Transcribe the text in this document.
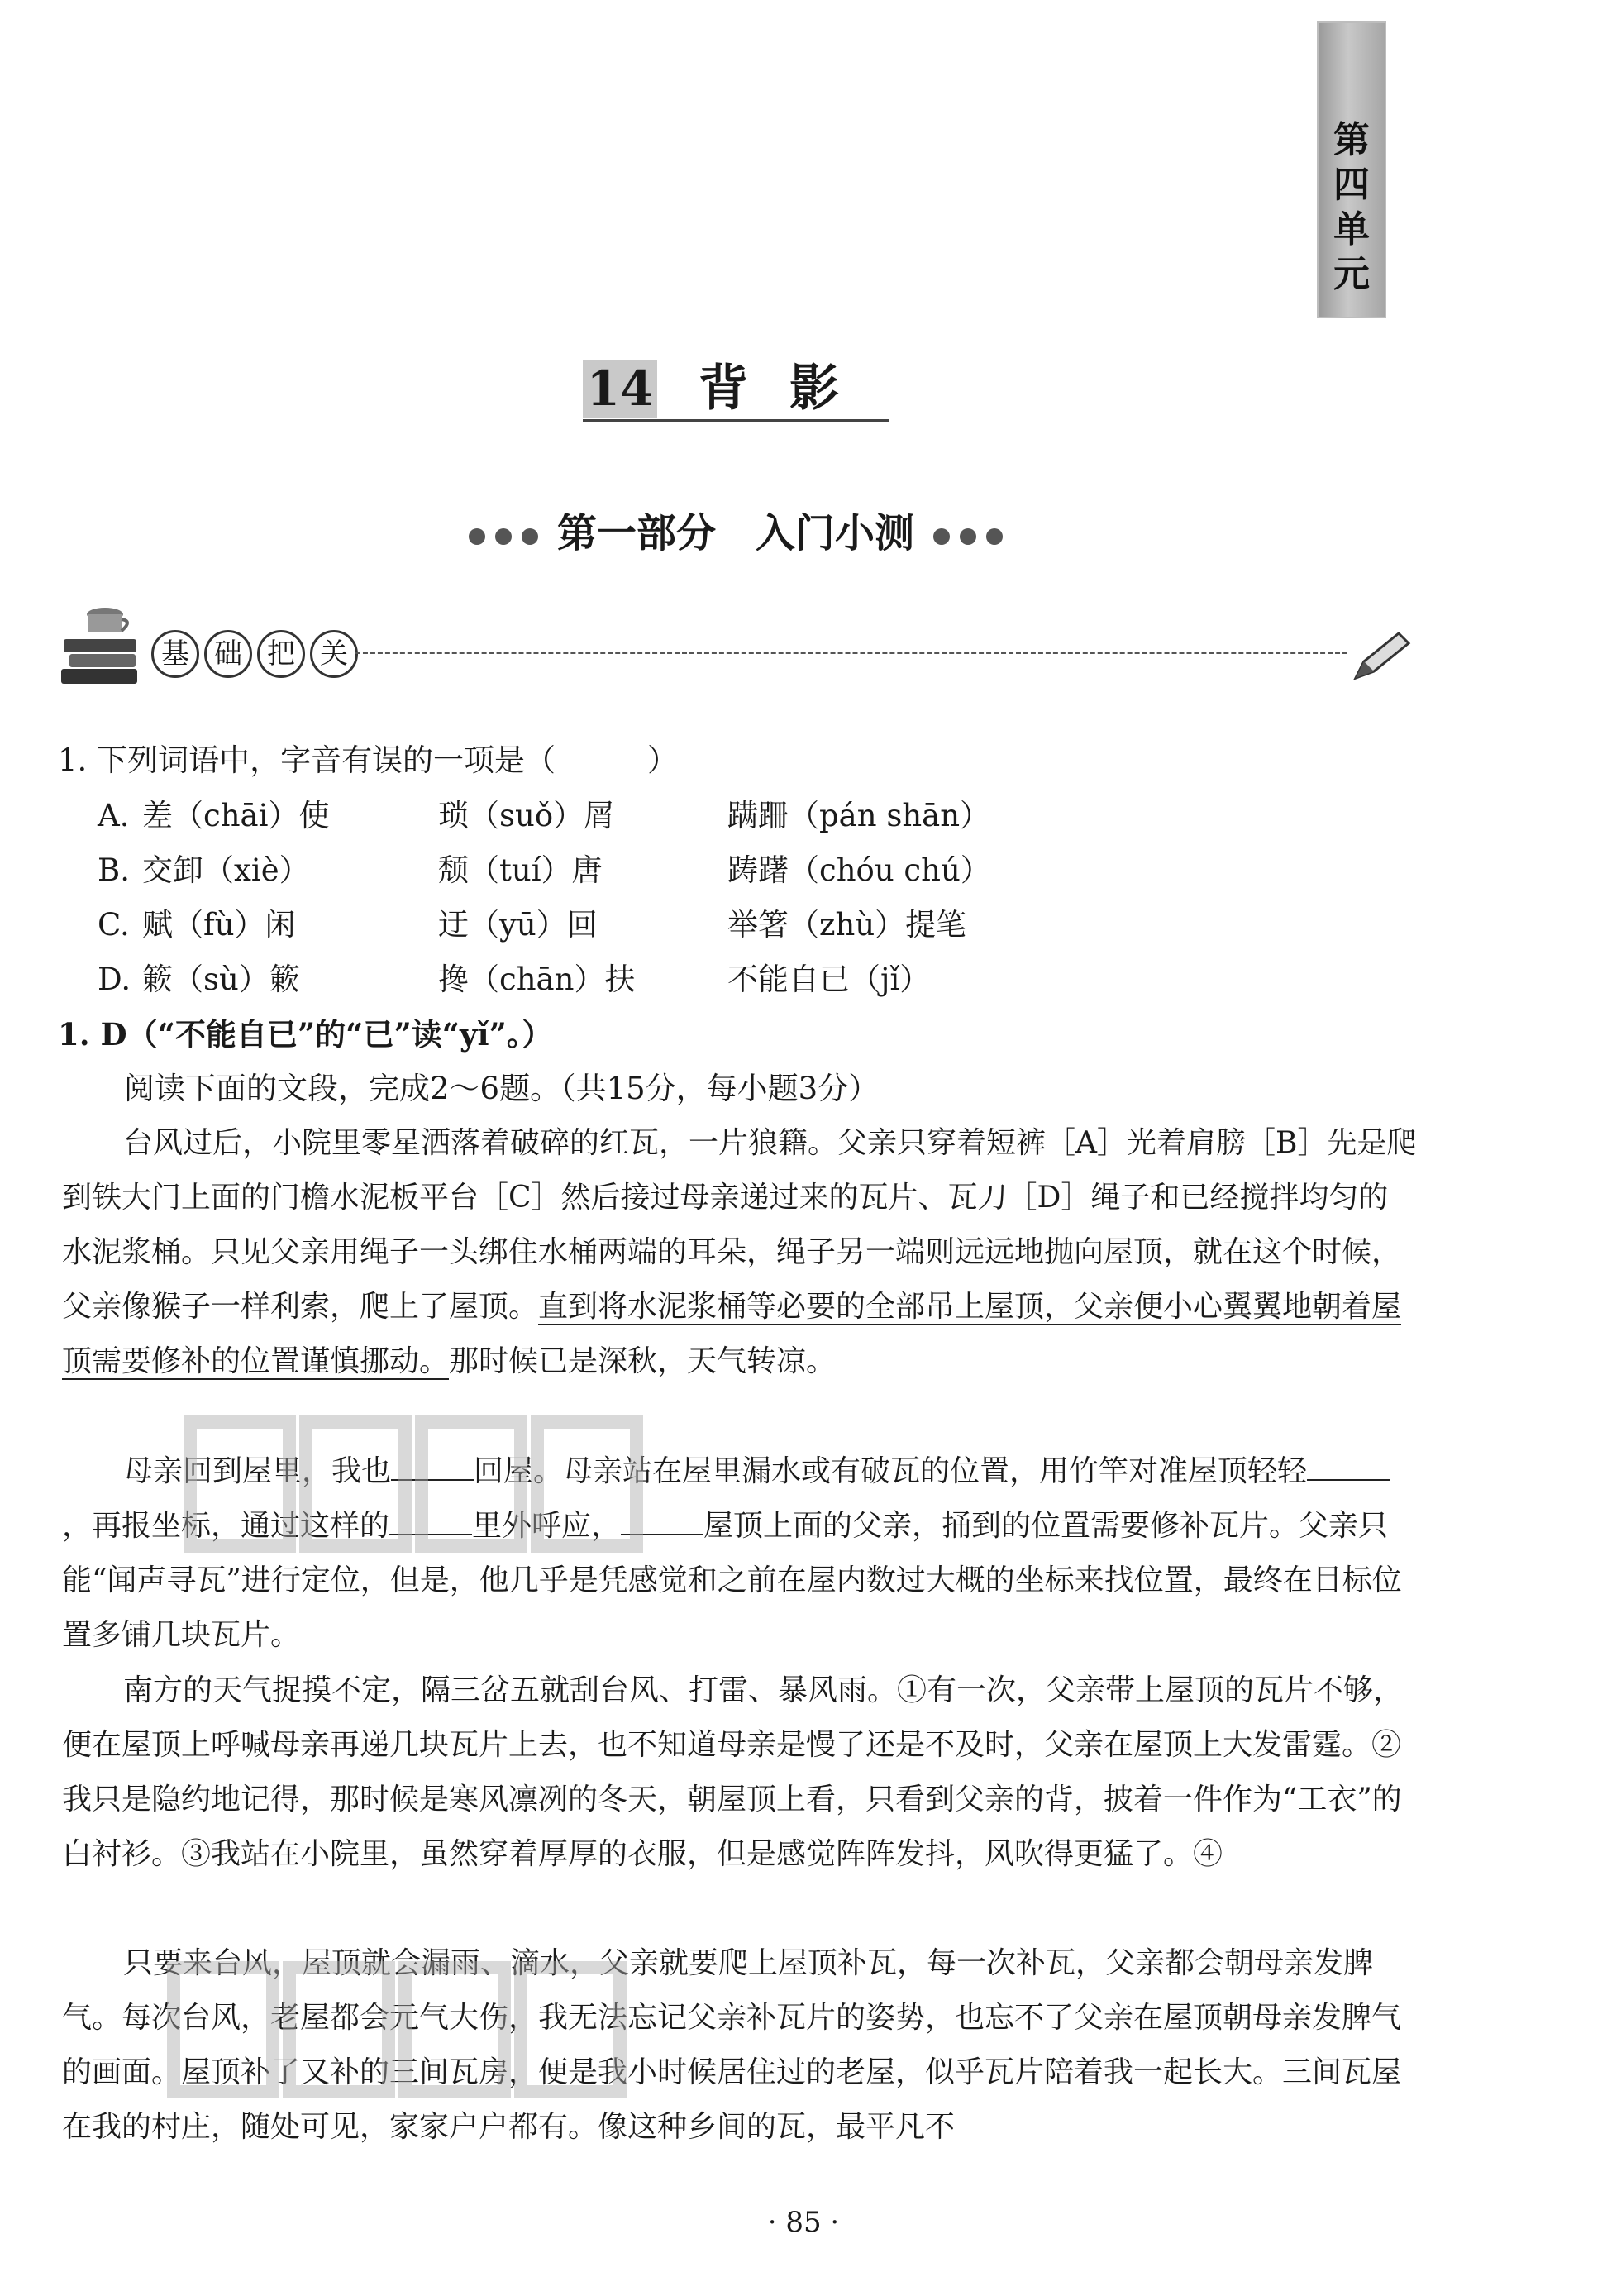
第四单元
14 背影
第一部分　入门小测
基 础 把 关
1. 下列词语中，字音有误的一项是（　　　）
A. 差（chāi）使	琐（suǒ）屑	蹒跚（pán shān）
B. 交卸（xiè）	颓（tuí）唐	踌躇（chóu chú）
C. 赋（fù）闲	迂（yū）回	举箸（zhù）提笔
D. 簌（sù）簌	搀（chān）扶	不能自已（jǐ）
1. D（“不能自已”的“已”读“yǐ”。）
阅读下面的文段，完成2～6题。（共15分，每小题3分）
台风过后，小院里零星洒落着破碎的红瓦，一片狼籍。父亲只穿着短裤［A］光着肩膀［B］先是爬到铁大门上面的门檐水泥板平台［C］然后接过母亲递过来的瓦片、瓦刀［D］绳子和已经搅拌均匀的水泥浆桶。只见父亲用绳子一头绑住水桶两端的耳朵，绳子另一端则远远地抛向屋顶，就在这个时候，父亲像猴子一样利索，爬上了屋顶。直到将水泥浆桶等必要的全部吊上屋顶，父亲便小心翼翼地朝着屋顶需要修补的位置谨慎挪动。那时候已是深秋，天气转凉。
母亲回到屋里，我也	回屋。母亲站在屋里漏水或有破瓦的位置，用竹竿对准屋顶轻轻，再报坐标，通过这样的	里外呼应，	屋顶上面的父亲，捅到的位置需要修补瓦片。父亲只能“闻声寻瓦”进行定位，但是，他几乎是凭感觉和之前在屋内数过大概的坐标来找位置，最终在目标位置多铺几块瓦片。
南方的天气捉摸不定，隔三岔五就刮台风、打雷、暴风雨。①有一次，父亲带上屋顶的瓦片不够，便在屋顶上呼喊母亲再递几块瓦片上去，也不知道母亲是慢了还是不及时，父亲在屋顶上大发雷霆。②我只是隐约地记得，那时候是寒风凛冽的冬天，朝屋顶上看，只看到父亲的背，披着一件作为“工衣”的白衬衫。③我站在小院里，虽然穿着厚厚的衣服，但是感觉阵阵发抖，风吹得更猛了。④
只要来台风，屋顶就会漏雨、滴水，父亲就要爬上屋顶补瓦，每一次补瓦，父亲都会朝母亲发脾气。每次台风，老屋都会元气大伤，我无法忘记父亲补瓦片的姿势，也忘不了父亲在屋顶朝母亲发脾气的画面。屋顶补了又补的三间瓦房，便是我小时候居住过的老屋，似乎瓦片陪着我一起长大。三间瓦屋在我的村庄，随处可见，家家户户都有。像这种乡间的瓦，最平凡不
· 85 ·
